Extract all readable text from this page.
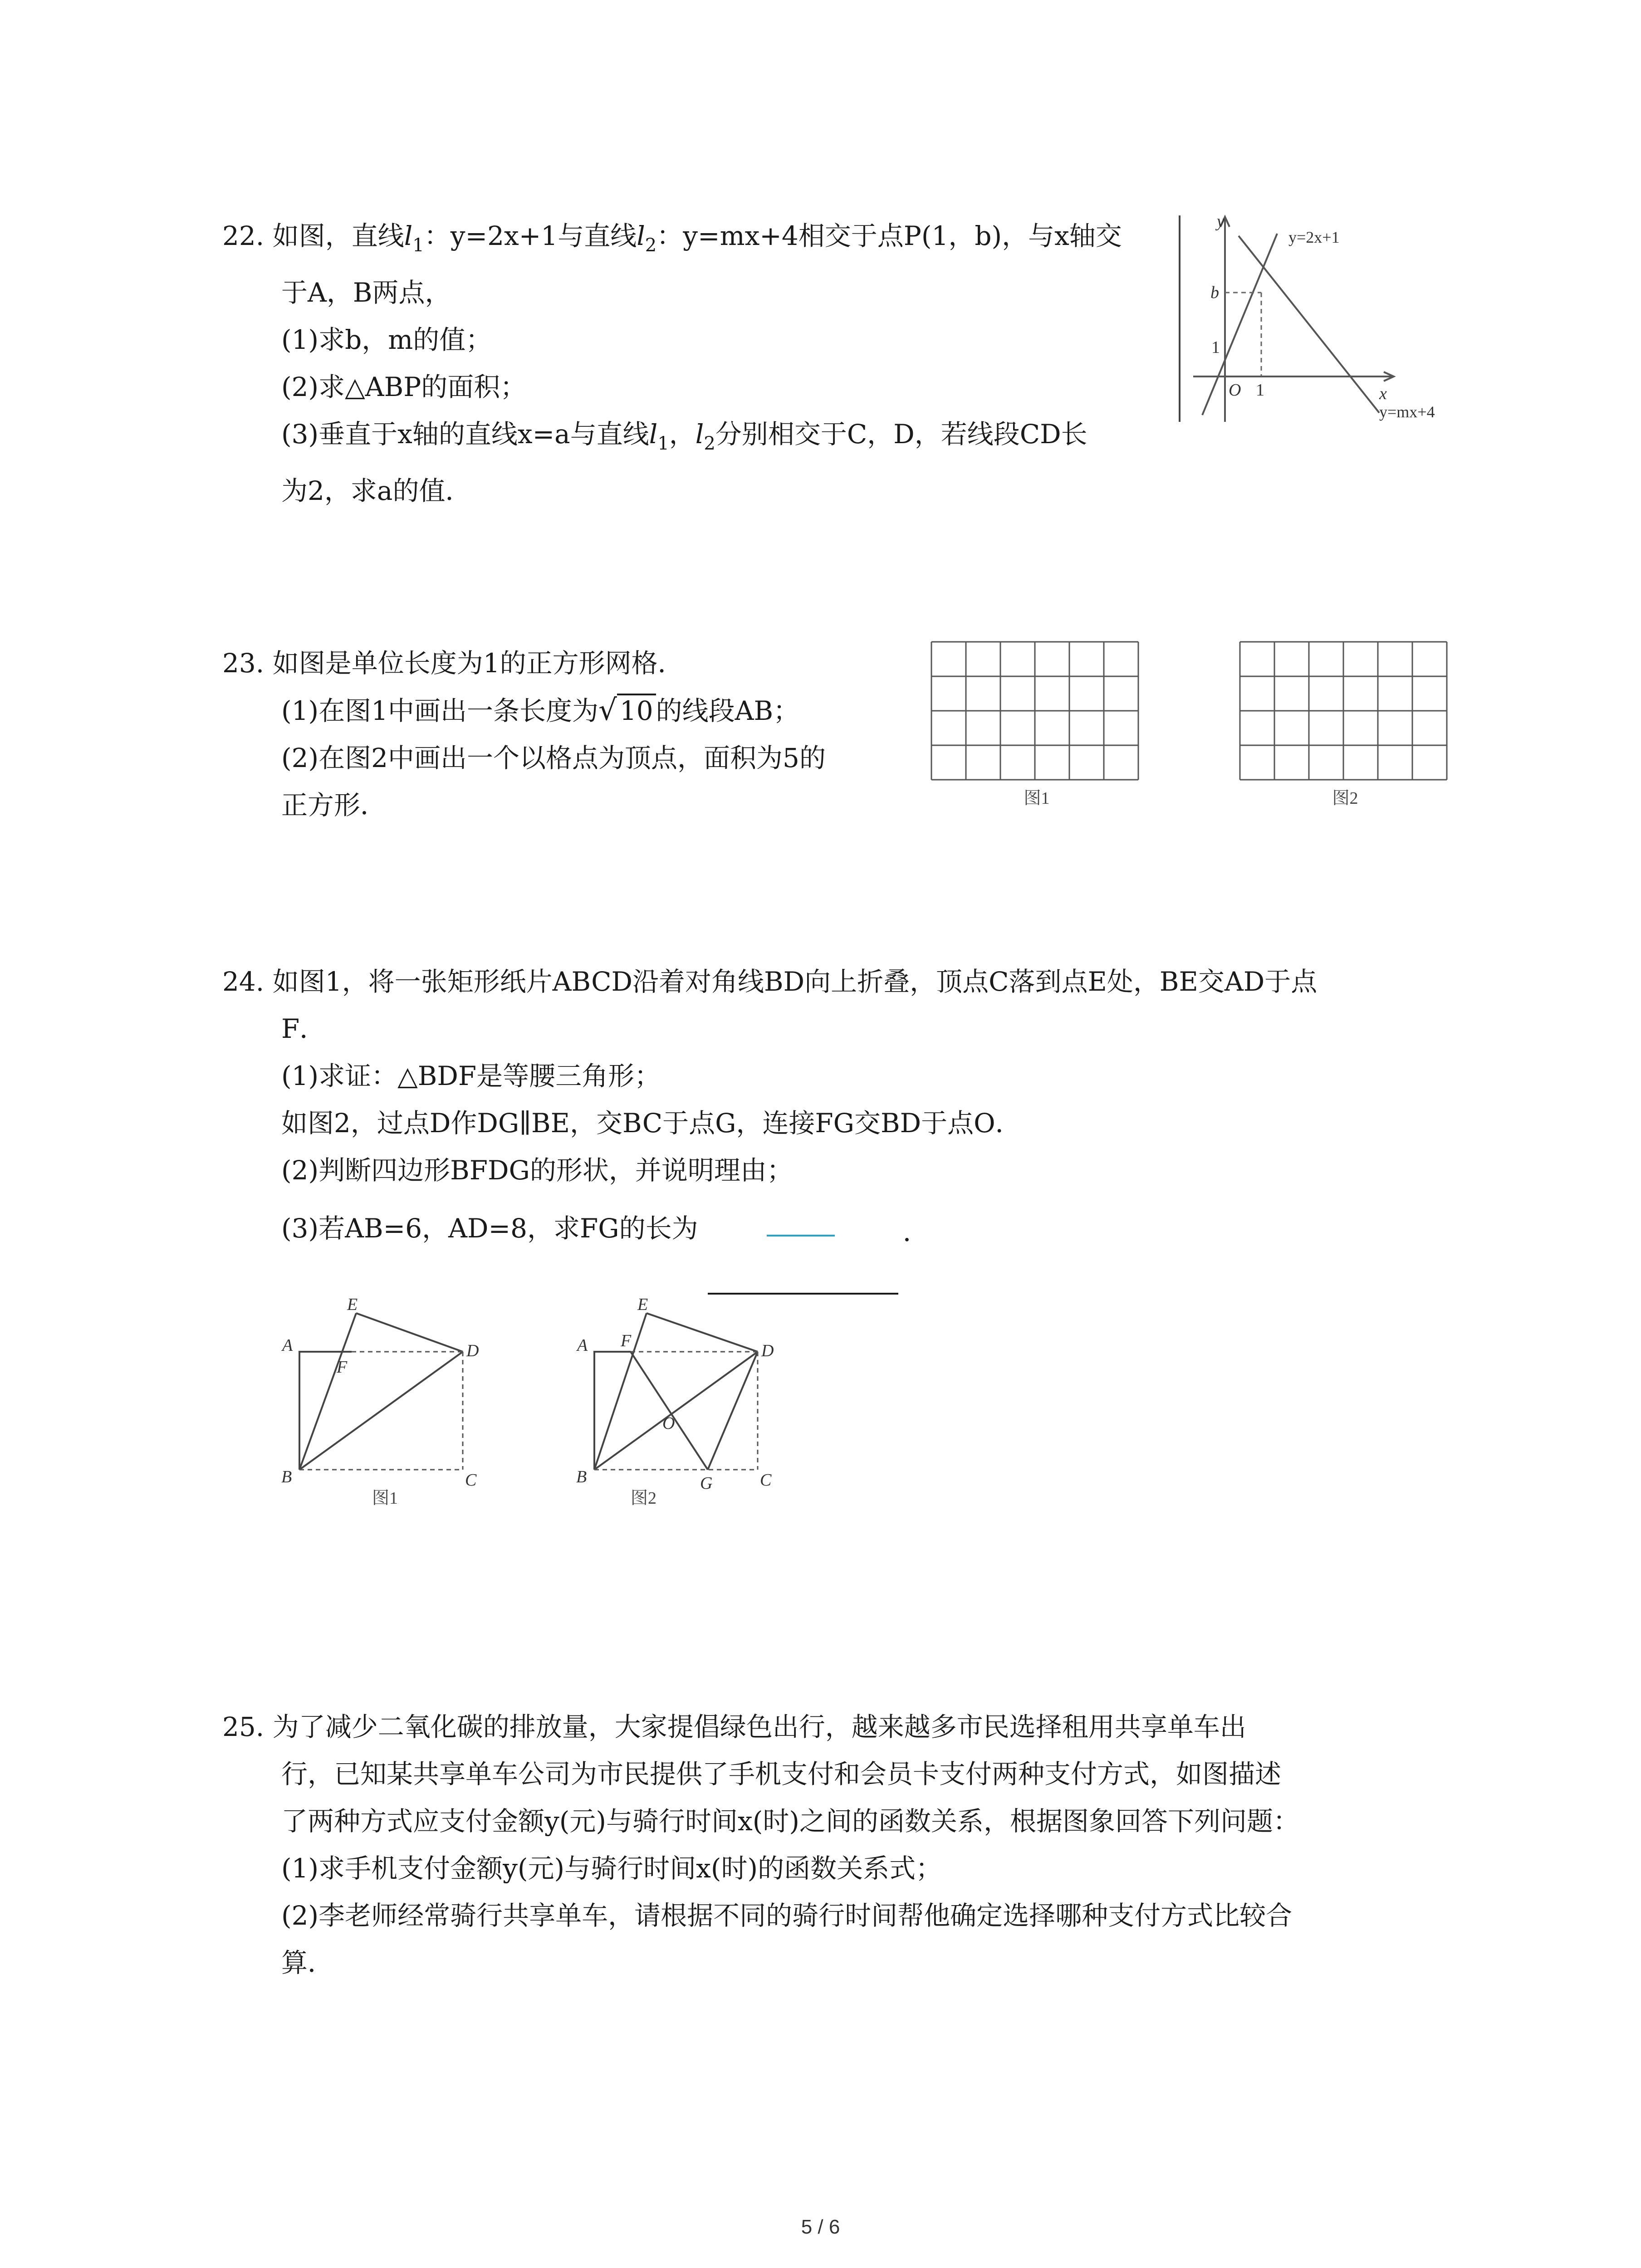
22. 如图，直线$l_1$：y=2x+1与直线$l_2$：y=mx+4相交于点P(1，b)，与x轴交
于A，B两点，
(1)求b，m的值；
(2)求△ABP的面积；
(3)垂直于x轴的直线x=a与直线$l_1$，$l_2$分别相交于C，D，若线段CD长
为2，求a的值．
y
x
O 1
1
b
y=2x+1
y=mx+4
23. 如图是单位长度为1的正方形网格．
(1)在图1中画出一条长度为√ 10 的线段AB；
(2)在图2中画出一个以格点为顶点，面积为5的
正方形．	图1	图2
24. 如图1，将一张矩形纸片ABCD沿着对角线BD向上折叠，顶点C落到点E处，BE交AD于点
F．
(1)求证：△BDF是等腰三角形；
如图2，过点D作DG∥BE，交BC于点G，连接FG交BD于点O．
(2)判断四边形BFDG的形状，并说明理由；
(3)若AB=6，AD=8，求FG的长为	．
A
B	C
D
E
F
图1
A
B	C
D
E
F
G
O
图2
25. 为了减少二氧化碳的排放量，大家提倡绿色出行，越来越多市民选择租用共享单车出
行，已知某共享单车公司为市民提供了手机支付和会员卡支付两种支付方式，如图描述
了两种方式应支付金额y(元)与骑行时间x(时)之间的函数关系，根据图象回答下列问题：
(1)求手机支付金额y(元)与骑行时间x(时)的函数关系式；
(2)李老师经常骑行共享单车，请根据不同的骑行时间帮他确定选择哪种支付方式比较合
算．
5 / 6
